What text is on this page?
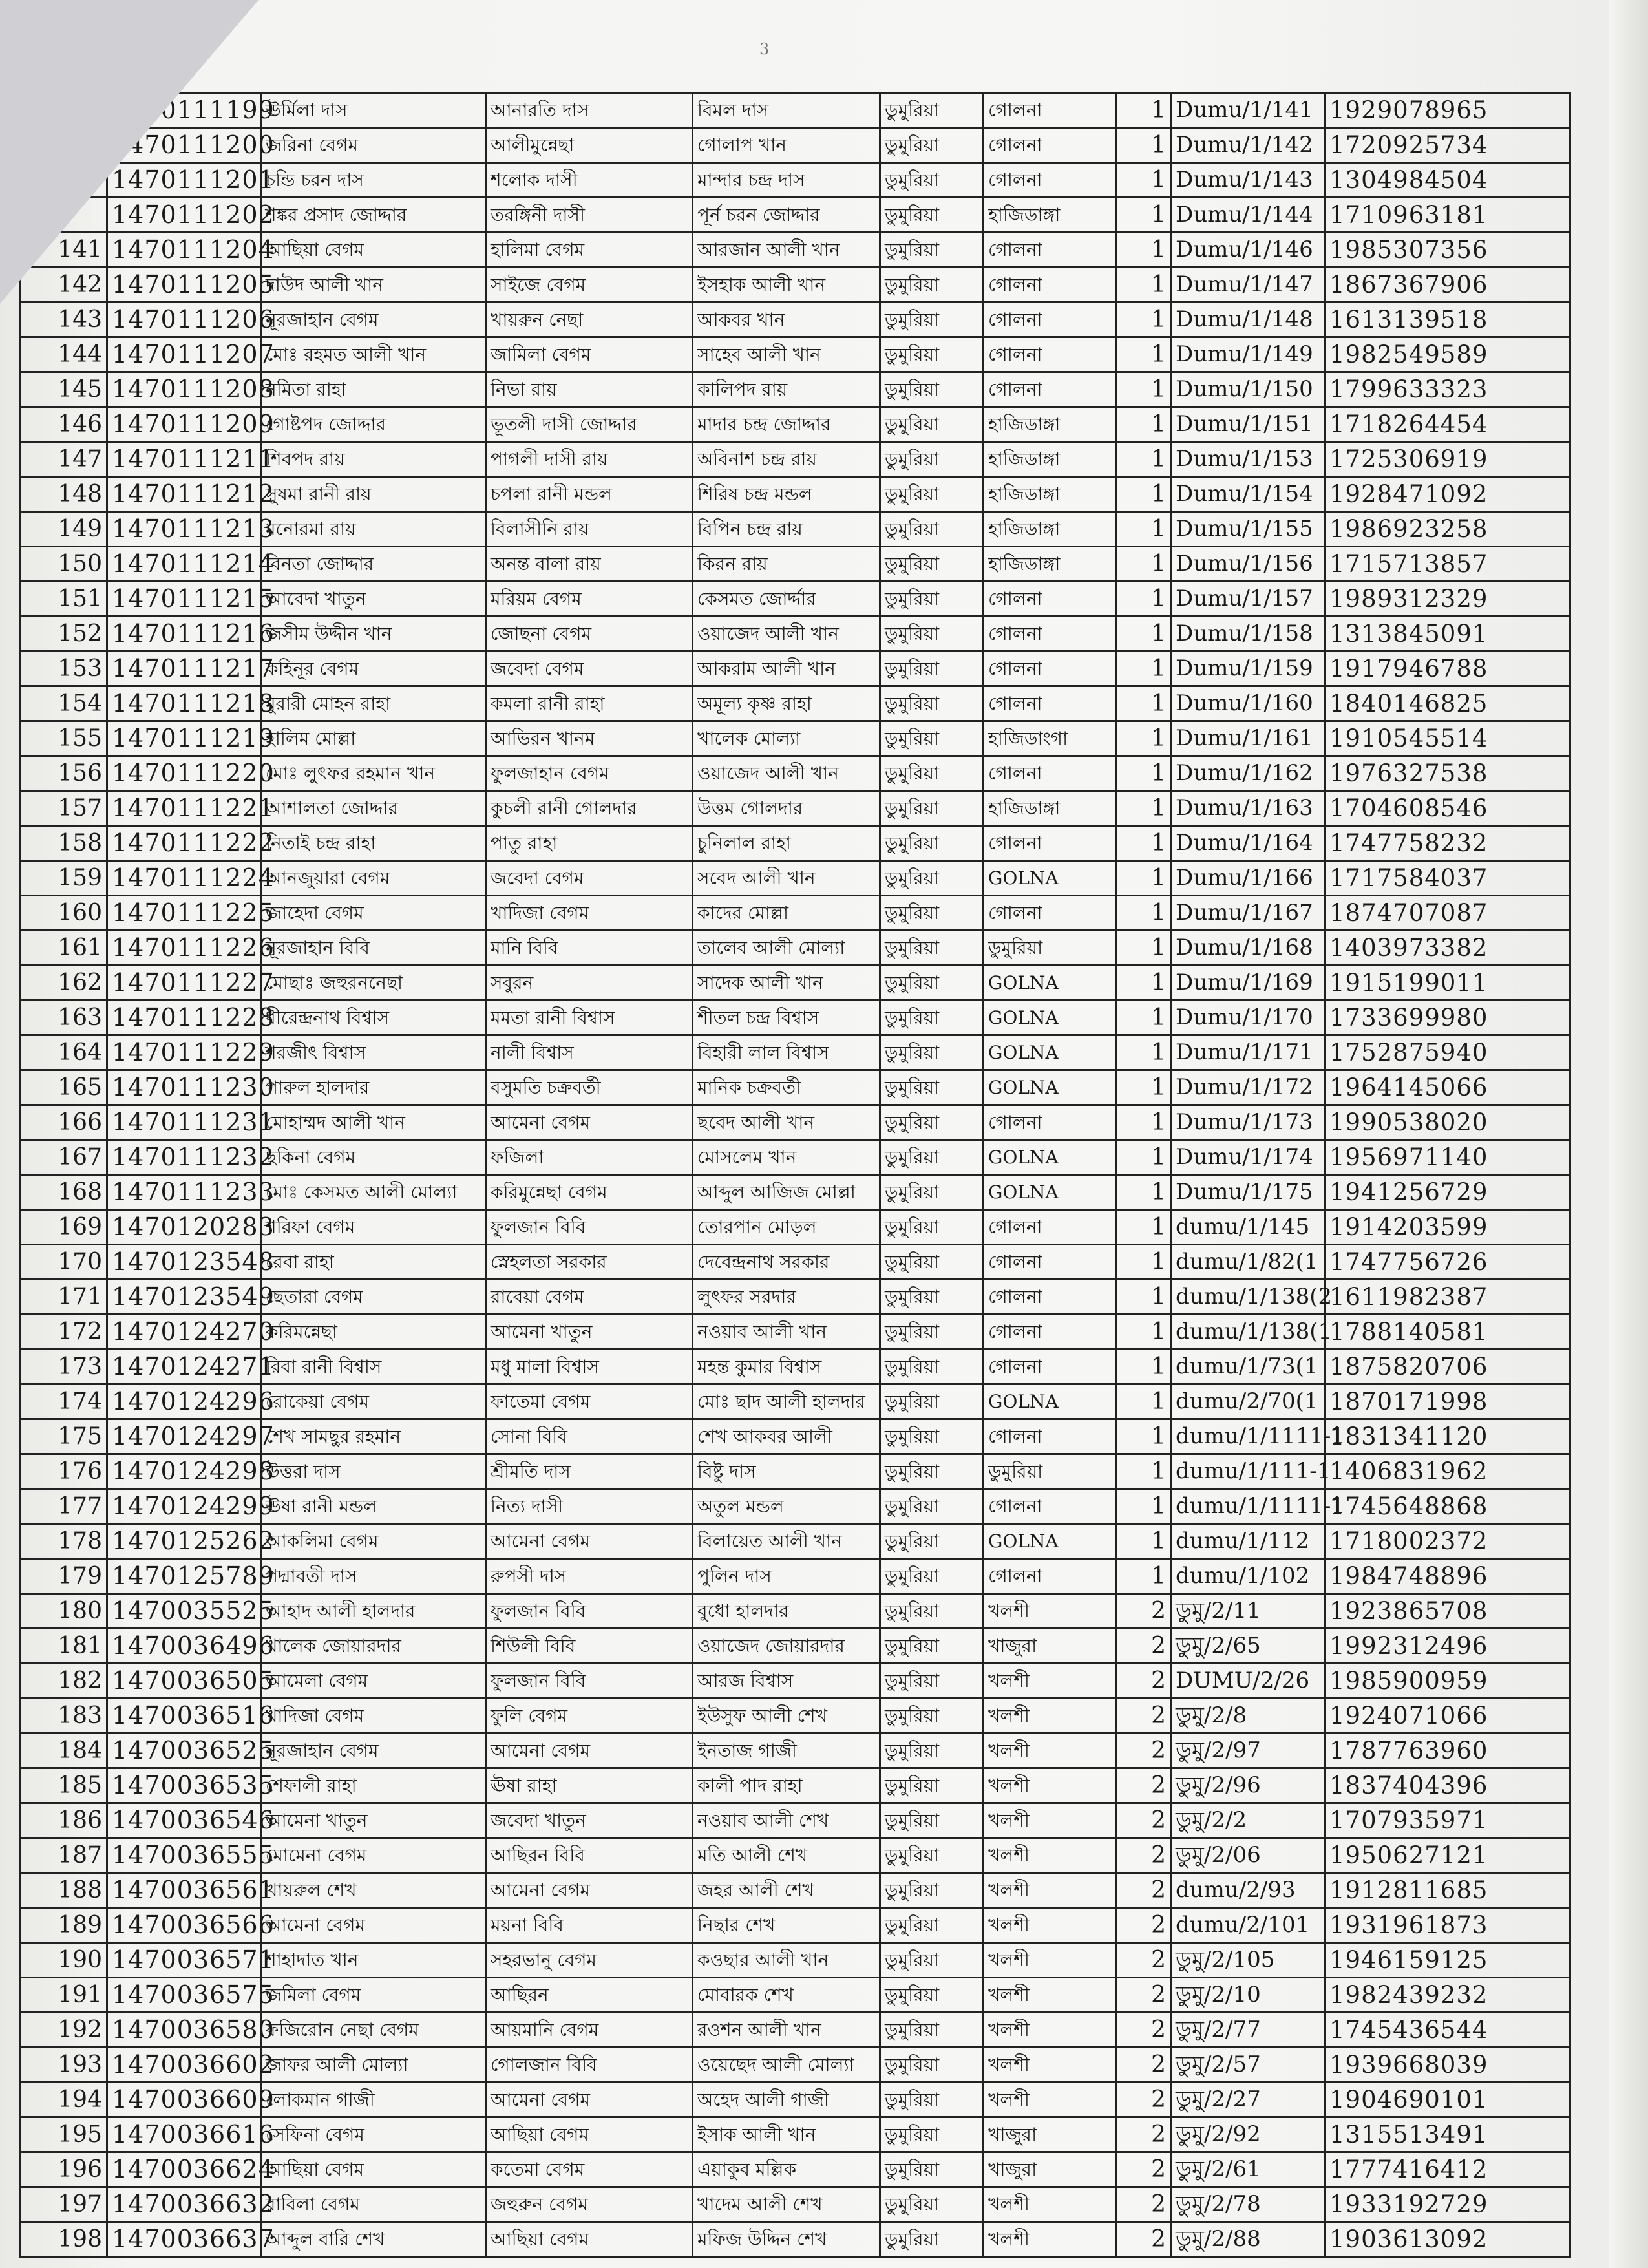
3
	1470111199	ঊর্মিলা দাস	আনারতি দাস	বিমল দাস	ডুমুরিয়া	গোলনা	1	Dumu/1/141	1929078965
	1470111200	জরিনা বেগম	আলীমুন্নেছা	গোলাপ খান	ডুমুরিয়া	গোলনা	1	Dumu/1/142	1720925734
	1470111201	চন্ডি চরন দাস	শলোক দাসী	মান্দার চন্দ্র দাস	ডুমুরিয়া	গোলনা	1	Dumu/1/143	1304984504
	1470111202	শঙ্কর প্রসাদ জোদ্দার	তরঙ্গিনী দাসী	পূর্ন চরন জোদ্দার	ডুমুরিয়া	হাজিডাঙ্গা	1	Dumu/1/144	1710963181
141	1470111204	আছিয়া বেগম	হালিমা বেগম	আরজান আলী খান	ডুমুরিয়া	গোলনা	1	Dumu/1/146	1985307356
142	1470111205	দাউদ আলী খান	সাইজে বেগম	ইসহাক আলী খান	ডুমুরিয়া	গোলনা	1	Dumu/1/147	1867367906
143	1470111206	নূরজাহান বেগম	খায়রুন নেছা	আকবর খান	ডুমুরিয়া	গোলনা	1	Dumu/1/148	1613139518
144	1470111207	মোঃ রহমত আলী খান	জামিলা বেগম	সাহেব আলী খান	ডুমুরিয়া	গোলনা	1	Dumu/1/149	1982549589
145	1470111208	নমিতা রাহা	নিভা রায়	কালিপদ রায়	ডুমুরিয়া	গোলনা	1	Dumu/1/150	1799633323
146	1470111209	গোষ্টপদ জোদ্দার	ভূতলী দাসী জোদ্দার	মাদার চন্দ্র জোদ্দার	ডুমুরিয়া	হাজিডাঙ্গা	1	Dumu/1/151	1718264454
147	1470111211	শিবপদ রায়	পাগলী দাসী রায়	অবিনাশ চন্দ্র রায়	ডুমুরিয়া	হাজিডাঙ্গা	1	Dumu/1/153	1725306919
148	1470111212	সুষমা রানী রায়	চপলা রানী মন্ডল	শিরিষ চন্দ্র মন্ডল	ডুমুরিয়া	হাজিডাঙ্গা	1	Dumu/1/154	1928471092
149	1470111213	মনোরমা রায়	বিলাসীনি রায়	বিপিন চন্দ্র রায়	ডুমুরিয়া	হাজিডাঙ্গা	1	Dumu/1/155	1986923258
150	1470111214	বিনতা জোদ্দার	অনন্ত বালা রায়	কিরন রায়	ডুমুরিয়া	হাজিডাঙ্গা	1	Dumu/1/156	1715713857
151	1470111215	আবেদা খাতুন	মরিয়ম বেগম	কেসমত জোর্দ্দার	ডুমুরিয়া	গোলনা	1	Dumu/1/157	1989312329
152	1470111216	জসীম উদ্দীন খান	জোছনা বেগম	ওয়াজেদ আলী খান	ডুমুরিয়া	গোলনা	1	Dumu/1/158	1313845091
153	1470111217	কহিনূর বেগম	জবেদা বেগম	আকরাম আলী খান	ডুমুরিয়া	গোলনা	1	Dumu/1/159	1917946788
154	1470111218	মুরারী মোহন রাহা	কমলা রানী রাহা	অমূল্য কৃষ্ণ রাহা	ডুমুরিয়া	গোলনা	1	Dumu/1/160	1840146825
155	1470111219	হালিম মোল্লা	আভিরন খানম	খালেক মোল্যা	ডুমুরিয়া	হাজিডাংগা	1	Dumu/1/161	1910545514
156	1470111220	মোঃ লুৎফর রহমান খান	ফুলজাহান বেগম	ওয়াজেদ আলী খান	ডুমুরিয়া	গোলনা	1	Dumu/1/162	1976327538
157	1470111221	আশালতা জোদ্দার	কুচলী রানী গোলদার	উত্তম গোলদার	ডুমুরিয়া	হাজিডাঙ্গা	1	Dumu/1/163	1704608546
158	1470111222	নিতাই চন্দ্র রাহা	পাতু রাহা	চুনিলাল রাহা	ডুমুরিয়া	গোলনা	1	Dumu/1/164	1747758232
159	1470111224	আনজুয়ারা বেগম	জবেদা বেগম	সবেদ আলী খান	ডুমুরিয়া	GOLNA	1	Dumu/1/166	1717584037
160	1470111225	জাহেদা বেগম	খাদিজা বেগম	কাদের মোল্লা	ডুমুরিয়া	গোলনা	1	Dumu/1/167	1874707087
161	1470111226	নূরজাহান বিবি	মানি বিবি	তালেব আলী মোল্যা	ডুমুরিয়া	ডুমুরিয়া	1	Dumu/1/168	1403973382
162	1470111227	মোছাঃ জহুরননেছা	সবুরন	সাদেক আলী খান	ডুমুরিয়া	GOLNA	1	Dumu/1/169	1915199011
163	1470111228	ধীরেন্দ্রনাথ বিশ্বাস	মমতা রানী বিশ্বাস	শীতল চন্দ্র বিশ্বাস	ডুমুরিয়া	GOLNA	1	Dumu/1/170	1733699980
164	1470111229	শরজীৎ বিশ্বাস	নালী বিশ্বাস	বিহারী লাল বিশ্বাস	ডুমুরিয়া	GOLNA	1	Dumu/1/171	1752875940
165	1470111230	পারুল হালদার	বসুমতি চক্রবর্তী	মানিক চক্রবর্তী	ডুমুরিয়া	GOLNA	1	Dumu/1/172	1964145066
166	1470111231	মোহাম্মদ আলী খান	আমেনা বেগম	ছবেদ আলী খান	ডুমুরিয়া	গোলনা	1	Dumu/1/173	1990538020
167	1470111232	ছকিনা বেগম	ফজিলা	মোসলেম খান	ডুমুরিয়া	GOLNA	1	Dumu/1/174	1956971140
168	1470111233	মোঃ কেসমত আলী মোল্যা	করিমুন্নেছা বেগম	আব্দুল আজিজ মোল্লা	ডুমুরিয়া	GOLNA	1	Dumu/1/175	1941256729
169	1470120283	শরিফা বেগম	ফুলজান বিবি	তোরপান মোড়ল	ডুমুরিয়া	গোলনা	1	dumu/1/145	1914203599
170	1470123548	রেবা রাহা	স্নেহলতা সরকার	দেবেন্দ্রনাথ সরকার	ডুমুরিয়া	গোলনা	1	dumu/1/82(1	1747756726
171	1470123549	ছেতারা বেগম	রাবেয়া বেগম	লুৎফর সরদার	ডুমুরিয়া	গোলনা	1	dumu/1/138(2	1611982387
172	1470124270	করিমন্নেছা	আমেনা খাতুন	নওয়াব আলী খান	ডুমুরিয়া	গোলনা	1	dumu/1/138(1	1788140581
173	1470124271	রিবা রানী বিশ্বাস	মধু মালা বিশ্বাস	মহন্ত কুমার বিশ্বাস	ডুমুরিয়া	গোলনা	1	dumu/1/73(1	1875820706
174	1470124296	রোকেয়া বেগম	ফাতেমা বেগম	মোঃ ছাদ আলী হালদার	ডুমুরিয়া	GOLNA	1	dumu/2/70(1	1870171998
175	1470124297	শেখ সামছুর রহমান	সোনা বিবি	শেখ আকবর আলী	ডুমুরিয়া	গোলনা	1	dumu/1/1111-1	1831341120
176	1470124298	উত্তরা দাস	শ্রীমতি দাস	বিষ্টু দাস	ডুমুরিয়া	ডুমুরিয়া	1	dumu/1/111-1	1406831962
177	1470124299	ঊষা রানী মন্ডল	নিত্য দাসী	অতুল মন্ডল	ডুমুরিয়া	গোলনা	1	dumu/1/1111-1	1745648868
178	1470125262	আকলিমা বেগম	আমেনা বেগম	বিলায়েত আলী খান	ডুমুরিয়া	GOLNA	1	dumu/1/112	1718002372
179	1470125789	পদ্মাবতী দাস	রুপসী দাস	পুলিন দাস	ডুমুরিয়া	গোলনা	1	dumu/1/102	1984748896
180	1470035525	আহাদ আলী হালদার	ফুলজান বিবি	বুধো হালদার	ডুমুরিয়া	খলশী	2	ডুমু/2/11	1923865708
181	1470036496	খালেক জোয়ারদার	শিউলী বিবি	ওয়াজেদ জোয়ারদার	ডুমুরিয়া	খাজুরা	2	ডুমু/2/65	1992312496
182	1470036505	আমেলা বেগম	ফুলজান বিবি	আরজ বিশ্বাস	ডুমুরিয়া	খলশী	2	DUMU/2/26	1985900959
183	1470036516	খাদিজা বেগম	ফুলি বেগম	ইউসুফ আলী শেখ	ডুমুরিয়া	খলশী	2	ডুমু/2/8	1924071066
184	1470036525	নূরজাহান বেগম	আমেনা বেগম	ইনতাজ গাজী	ডুমুরিয়া	খলশী	2	ডুমু/2/97	1787763960
185	1470036535	শেফালী রাহা	ঊষা রাহা	কালী পাদ রাহা	ডুমুরিয়া	খলশী	2	ডুমু/2/96	1837404396
186	1470036546	আমেনা খাতুন	জবেদা খাতুন	নওয়াব আলী শেখ	ডুমুরিয়া	খলশী	2	ডুমু/2/2	1707935971
187	1470036555	মোমেনা বেগম	আছিরন বিবি	মতি আলী শেখ	ডুমুরিয়া	খলশী	2	ডুমু/2/06	1950627121
188	1470036561	খায়রুল শেখ	আমেনা বেগম	জহর আলী শেখ	ডুমুরিয়া	খলশী	2	dumu/2/93	1912811685
189	1470036566	আমেনা বেগম	ময়না বিবি	নিছার শেখ	ডুমুরিয়া	খলশী	2	dumu/2/101	1931961873
190	1470036571	শাহাদাত খান	সহরভানু বেগম	কওছার আলী খান	ডুমুরিয়া	খলশী	2	ডুমু/2/105	1946159125
191	1470036575	জমিলা বেগম	আছিরন	মোবারক শেখ	ডুমুরিয়া	খলশী	2	ডুমু/2/10	1982439232
192	1470036580	ফজিরোন নেছা বেগম	আয়মানি বেগম	রওশন আলী খান	ডুমুরিয়া	খলশী	2	ডুমু/2/77	1745436544
193	1470036602	জাফর আলী মোল্যা	গোলজান বিবি	ওয়েছেদ আলী মোল্যা	ডুমুরিয়া	খলশী	2	ডুমু/2/57	1939668039
194	1470036609	লোকমান গাজী	আমেনা বেগম	অহেদ আলী গাজী	ডুমুরিয়া	খলশী	2	ডুমু/2/27	1904690101
195	1470036616	সেফিনা বেগম	আছিয়া বেগম	ইসাক আলী খান	ডুমুরিয়া	খাজুরা	2	ডুমু/2/92	1315513491
196	1470036624	আছিয়া বেগম	কতেমা বেগম	এয়াকুব মল্লিক	ডুমুরিয়া	খাজুরা	2	ডুমু/2/61	1777416412
197	1470036632	রাবিলা বেগম	জহুরুন বেগম	খাদেম আলী শেখ	ডুমুরিয়া	খলশী	2	ডুমু/2/78	1933192729
198	1470036637	আব্দুল বারি শেখ	আছিয়া বেগম	মফিজ উদ্দিন শেখ	ডুমুরিয়া	খলশী	2	ডুমু/2/88	1903613092
